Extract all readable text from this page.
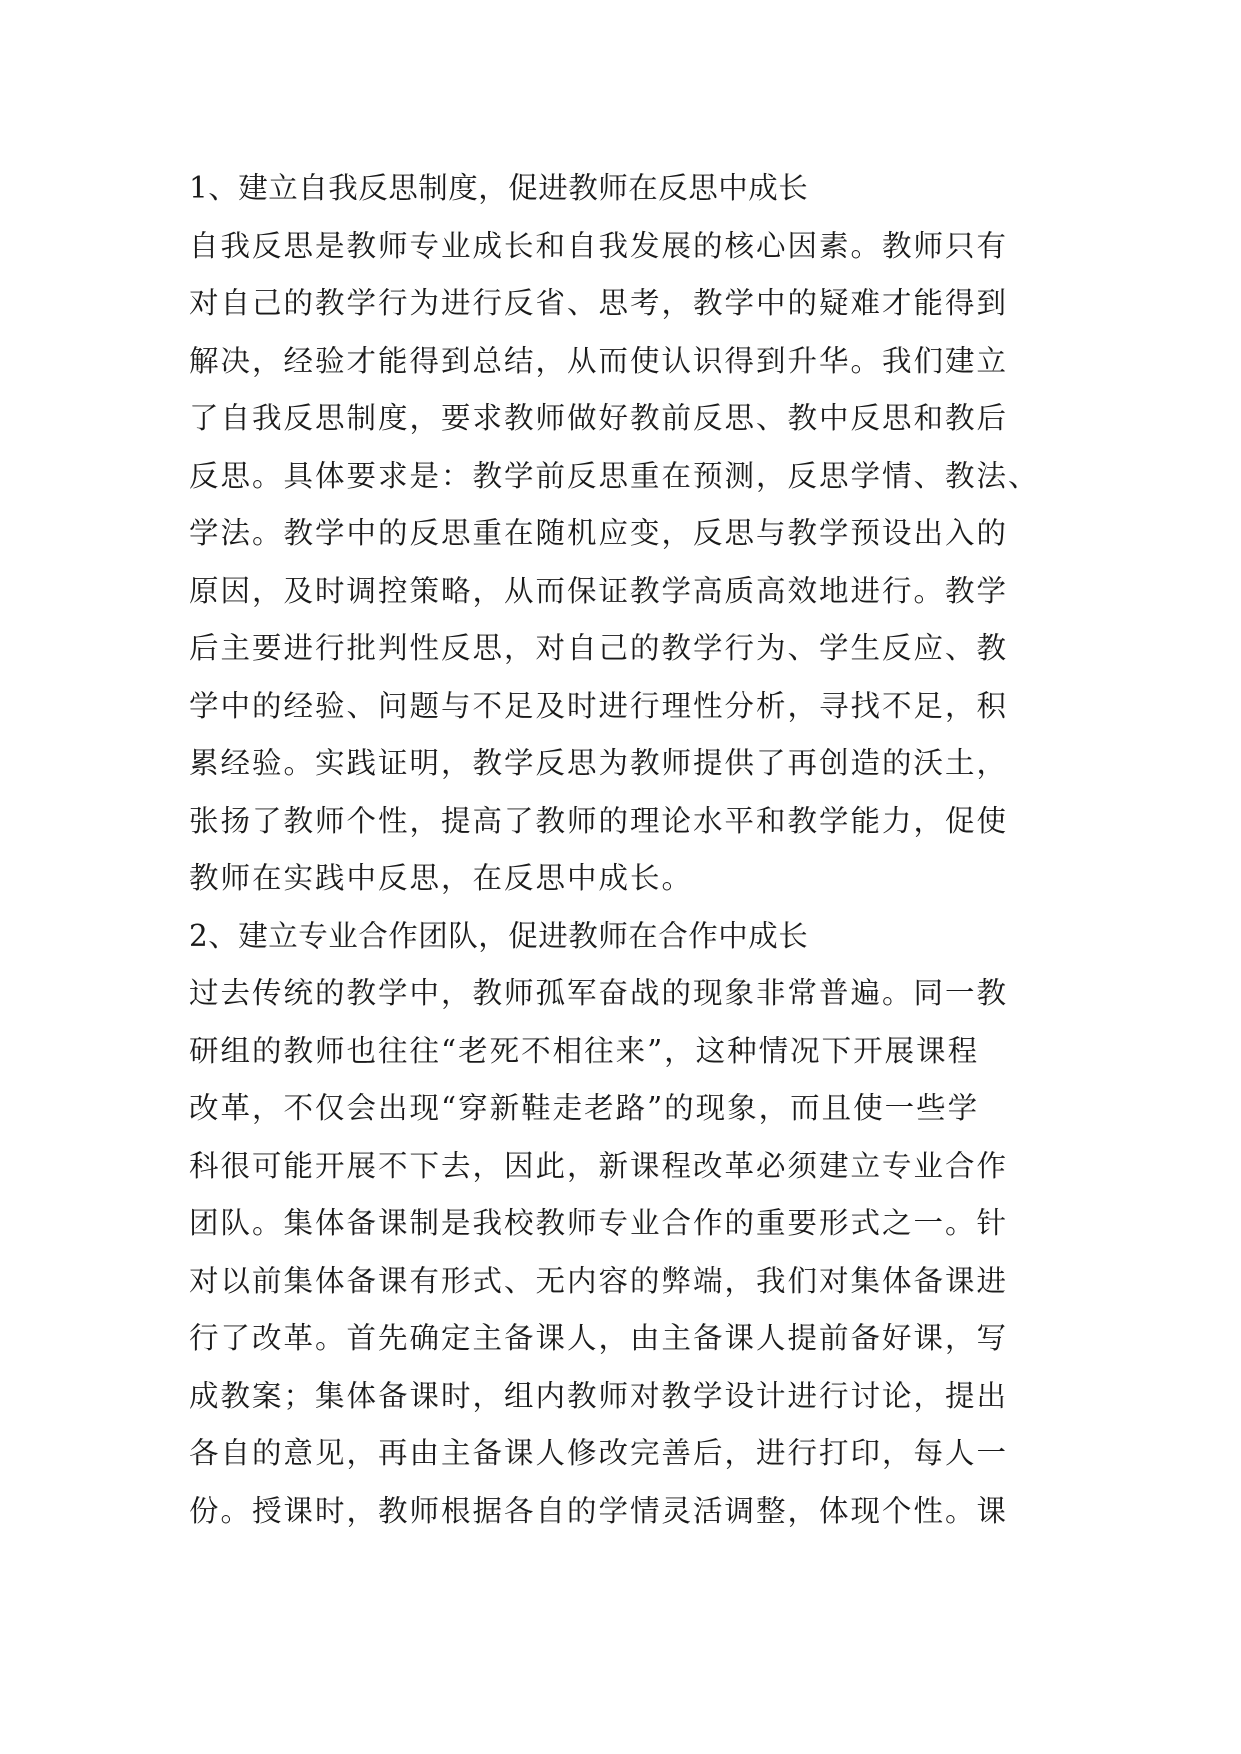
1、建立自我反思制度，促进教师在反思中成长
自我反思是教师专业成长和自我发展的核心因素。教师只有
对自己的教学行为进行反省、思考，教学中的疑难才能得到
解决，经验才能得到总结，从而使认识得到升华。我们建立
了自我反思制度，要求教师做好教前反思、教中反思和教后
反思。具体要求是：教学前反思重在预测，反思学情、教法、
学法。教学中的反思重在随机应变，反思与教学预设出入的
原因，及时调控策略，从而保证教学高质高效地进行。教学
后主要进行批判性反思，对自己的教学行为、学生反应、教
学中的经验、问题与不足及时进行理性分析，寻找不足，积
累经验。实践证明，教学反思为教师提供了再创造的沃土，
张扬了教师个性，提高了教师的理论水平和教学能力，促使
教师在实践中反思，在反思中成长。
2、建立专业合作团队，促进教师在合作中成长
过去传统的教学中，教师孤军奋战的现象非常普遍。同一教
研组的教师也往往“老死不相往来”，这种情况下开展课程
改革，不仅会出现“穿新鞋走老路”的现象，而且使一些学
科很可能开展不下去，因此，新课程改革必须建立专业合作
团队。集体备课制是我校教师专业合作的重要形式之一。针
对以前集体备课有形式、无内容的弊端，我们对集体备课进
行了改革。首先确定主备课人，由主备课人提前备好课，写
成教案；集体备课时，组内教师对教学设计进行讨论，提出
各自的意见，再由主备课人修改完善后，进行打印，每人一
份。授课时，教师根据各自的学情灵活调整，体现个性。课
